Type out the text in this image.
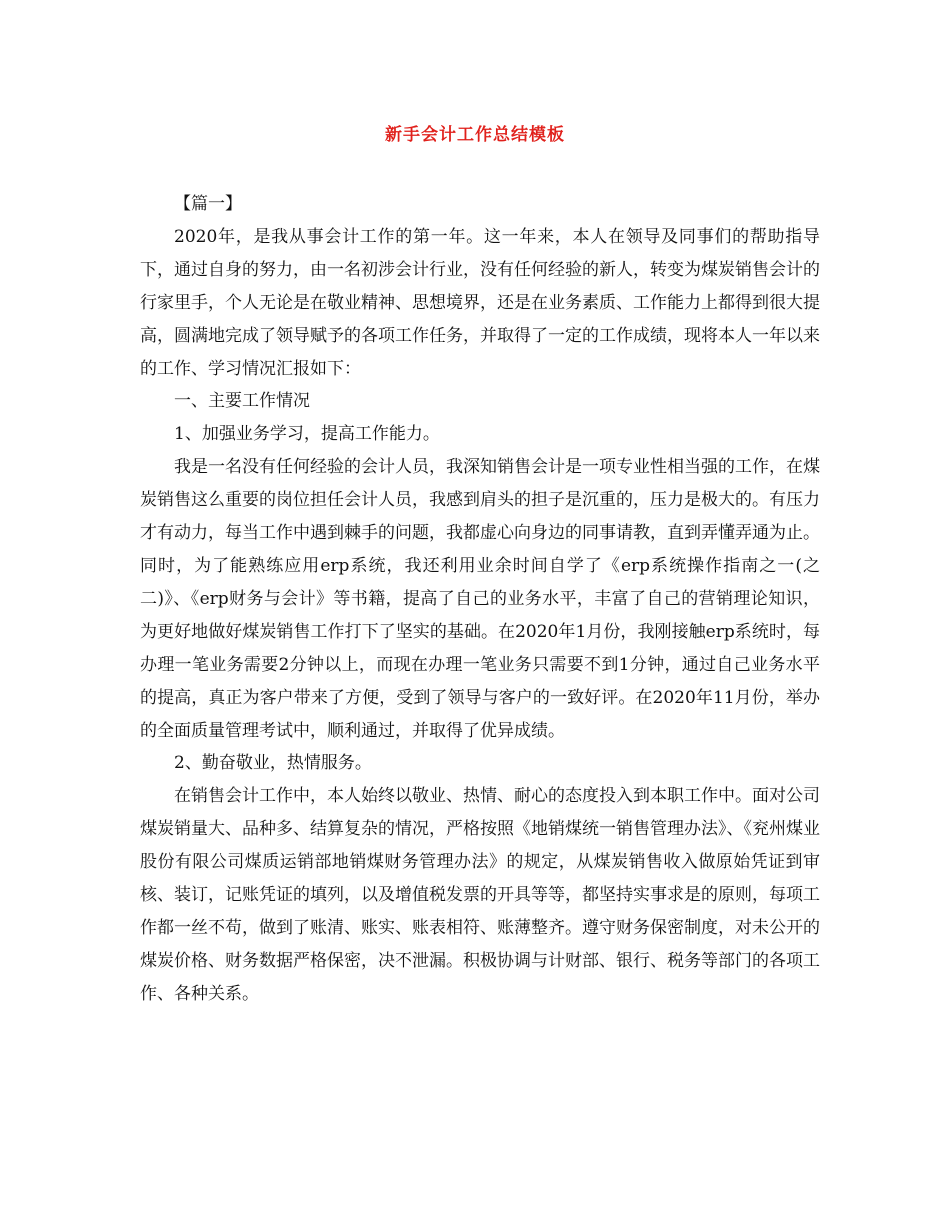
新手会计工作总结模板

【篇一】

2020年，是我从事会计工作的第一年。这一年来，本人在领导及同事们的帮助指导下，通过自身的努力，由一名初涉会计行业，没有任何经验的新人，转变为煤炭销售会计的行家里手，个人无论是在敬业精神、思想境界，还是在业务素质、工作能力上都得到很大提高，圆满地完成了领导赋予的各项工作任务，并取得了一定的工作成绩，现将本人一年以来的工作、学习情况汇报如下：

一、主要工作情况

1、加强业务学习，提高工作能力。

我是一名没有任何经验的会计人员，我深知销售会计是一项专业性相当强的工作，在煤炭销售这么重要的岗位担任会计人员，我感到肩头的担子是沉重的，压力是极大的。有压力才有动力，每当工作中遇到棘手的问题，我都虚心向身边的同事请教，直到弄懂弄通为止。同时，为了能熟练应用erp系统，我还利用业余时间自学了《erp系统操作指南之一(之二)》、《erp财务与会计》等书籍，提高了自己的业务水平，丰富了自己的营销理论知识，为更好地做好煤炭销售工作打下了坚实的基础。在2020年1月份，我刚接触erp系统时，每办理一笔业务需要2分钟以上，而现在办理一笔业务只需要不到1分钟，通过自己业务水平的提高，真正为客户带来了方便，受到了领导与客户的一致好评。在2020年11月份，举办的全面质量管理考试中，顺利通过，并取得了优异成绩。

2、勤奋敬业，热情服务。

在销售会计工作中，本人始终以敬业、热情、耐心的态度投入到本职工作中。面对公司煤炭销量大、品种多、结算复杂的情况，严格按照《地销煤统一销售管理办法》、《兖州煤业股份有限公司煤质运销部地销煤财务管理办法》的规定，从煤炭销售收入做原始凭证到审核、装订，记账凭证的填列，以及增值税发票的开具等等，都坚持实事求是的原则，每项工作都一丝不苟，做到了账清、账实、账表相符、账薄整齐。遵守财务保密制度，对未公开的煤炭价格、财务数据严格保密，决不泄漏。积极协调与计财部、银行、税务等部门的各项工作、各种关系。
